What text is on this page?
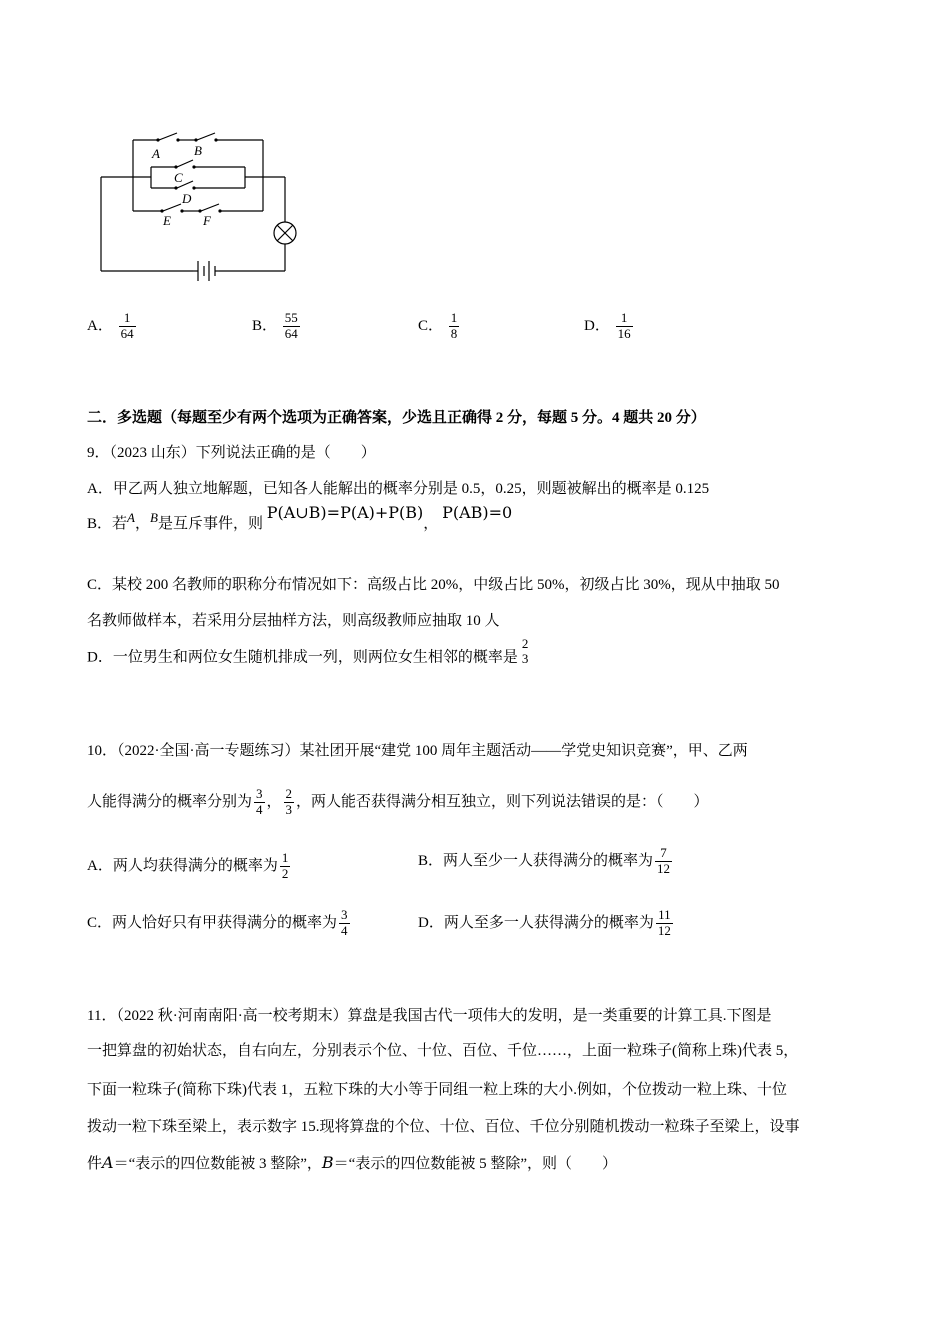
A	B
C
D
E F
A． $\frac{1}{64}$	B． $\frac{55}{64}$	C． $\frac{1}{8}$	D． $\frac{1}{16}$
二．多选题（每题至少有两个选项为正确答案，少选且正确得 2 分，每题 5 分。4 题共 20 分）
9．（2023 山东）下列说法正确的是（　　）
A．甲乙两人独立地解题，已知各人能解出的概率分别是 0.5，0.25，则题被解出的概率是 0.125
B．若$^A$，$^B$是互斥事件，则 P(A∪B)=P(A)+P(B)， P(AB)=0
C．某校 200 名教师的职称分布情况如下：高级占比 20%，中级占比 50%，初级占比 30%，现从中抽取 50
名教师做样本，若采用分层抽样方法，则高级教师应抽取 10 人
D．一位男生和两位女生随机排成一列，则两位女生相邻的概率是
2
3
10．（2022·全国·高一专题练习）某社团开展“建党 100 周年主题活动——学党史知识竞赛”，甲、乙两
人能得满分的概率分别为 $\frac{3}{4}$ ， $\frac{2}{3}$ ，两人能否获得满分相互独立，则下列说法错误的是：（　　）
A．两人均获得满分的概率为 $\frac{1}{2}$	B．两人至少一人获得满分的概率为 $\frac{7}{12}$
C．两人恰好只有甲获得满分的概率为 $\frac{3}{4}$	D．两人至多一人获得满分的概率为 $\frac{11}{12}$
11．（2022 秋·河南南阳·高一校考期末）算盘是我国古代一项伟大的发明，是一类重要的计算工具.下图是
一把算盘的初始状态，自右向左，分别表示个位、十位、百位、千位……，上面一粒珠子(简称上珠)代表 5，
下面一粒珠子(简称下珠)代表 1，五粒下珠的大小等于同组一粒上珠的大小.例如，个位拨动一粒上珠、十位
拨动一粒下珠至梁上，表示数字 15.现将算盘的个位、十位、百位、千位分别随机拨动一粒珠子至梁上，设事
件A＝“表示的四位数能被 3 整除”，B＝“表示的四位数能被 5 整除”，则（　　）
